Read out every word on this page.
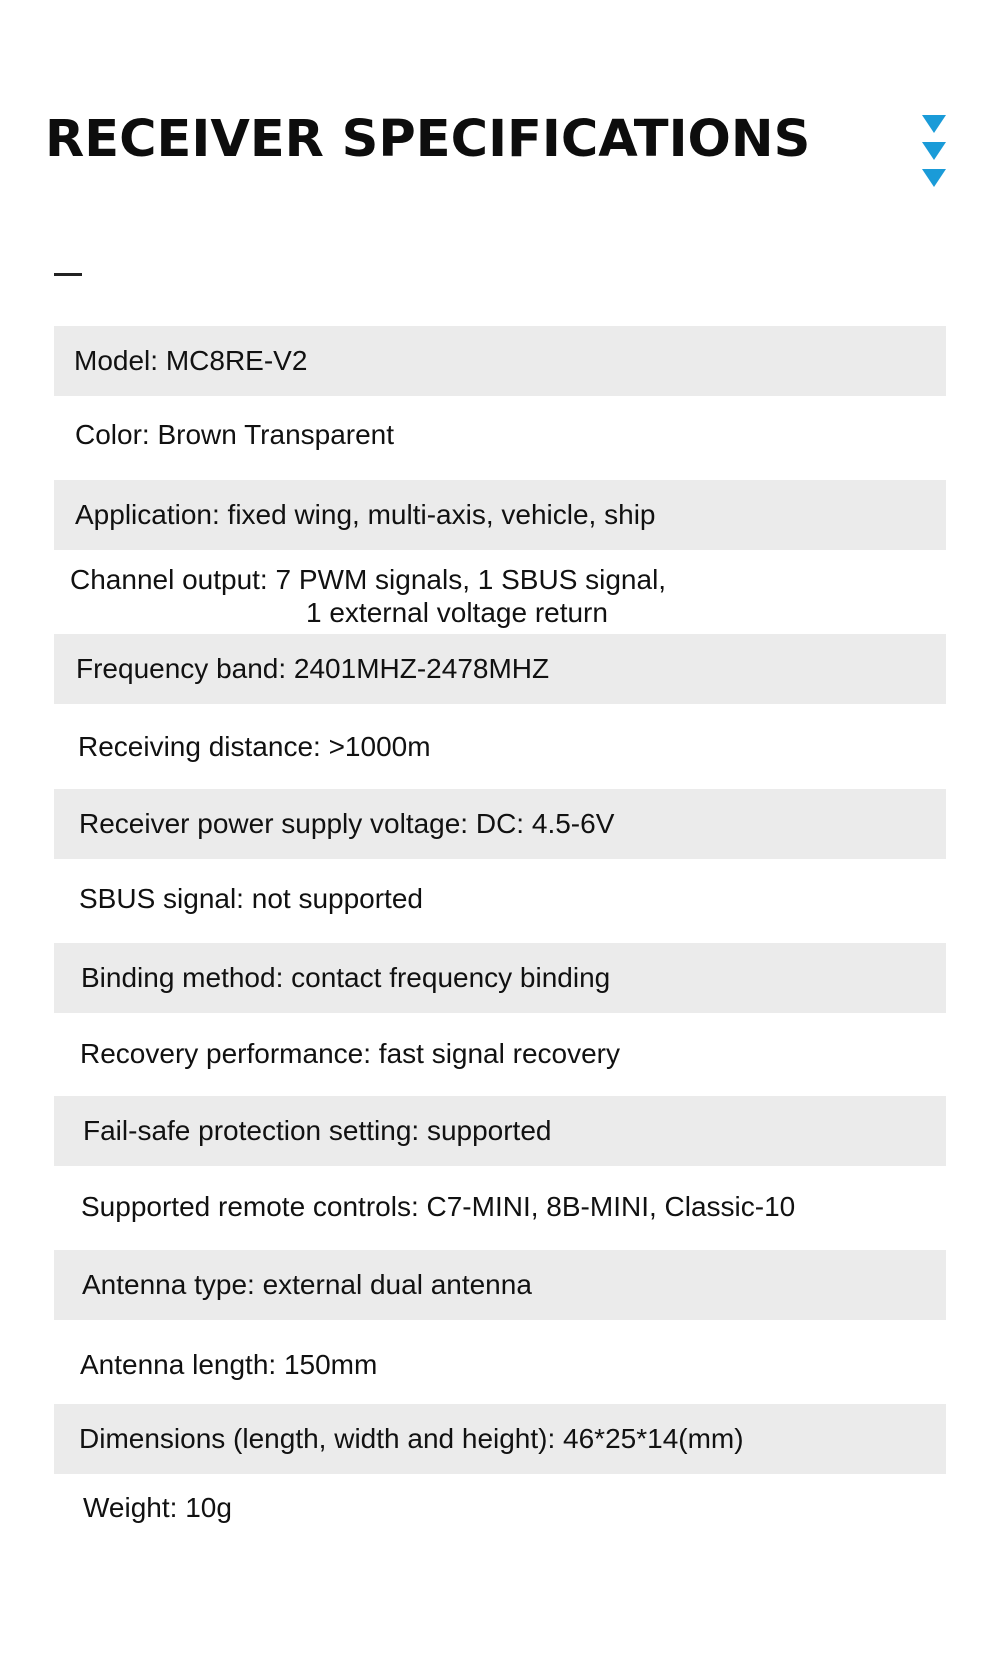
RECEIVER SPECIFICATIONS
Model: MC8RE-V2
Color: Brown Transparent
Application: fixed wing, multi-axis, vehicle, ship
Channel output: 7 PWM signals, 1 SBUS signal,
1 external voltage return
Frequency band: 2401MHZ-2478MHZ
Receiving distance: >1000m
Receiver power supply voltage: DC: 4.5-6V
SBUS signal: not supported
Binding method: contact frequency binding
Recovery performance: fast signal recovery
Fail-safe protection setting: supported
Supported remote controls: C7-MINI, 8B-MINI, Classic-10
Antenna type: external dual antenna
Antenna length: 150mm
Dimensions (length, width and height): 46*25*14(mm)
Weight: 10g
